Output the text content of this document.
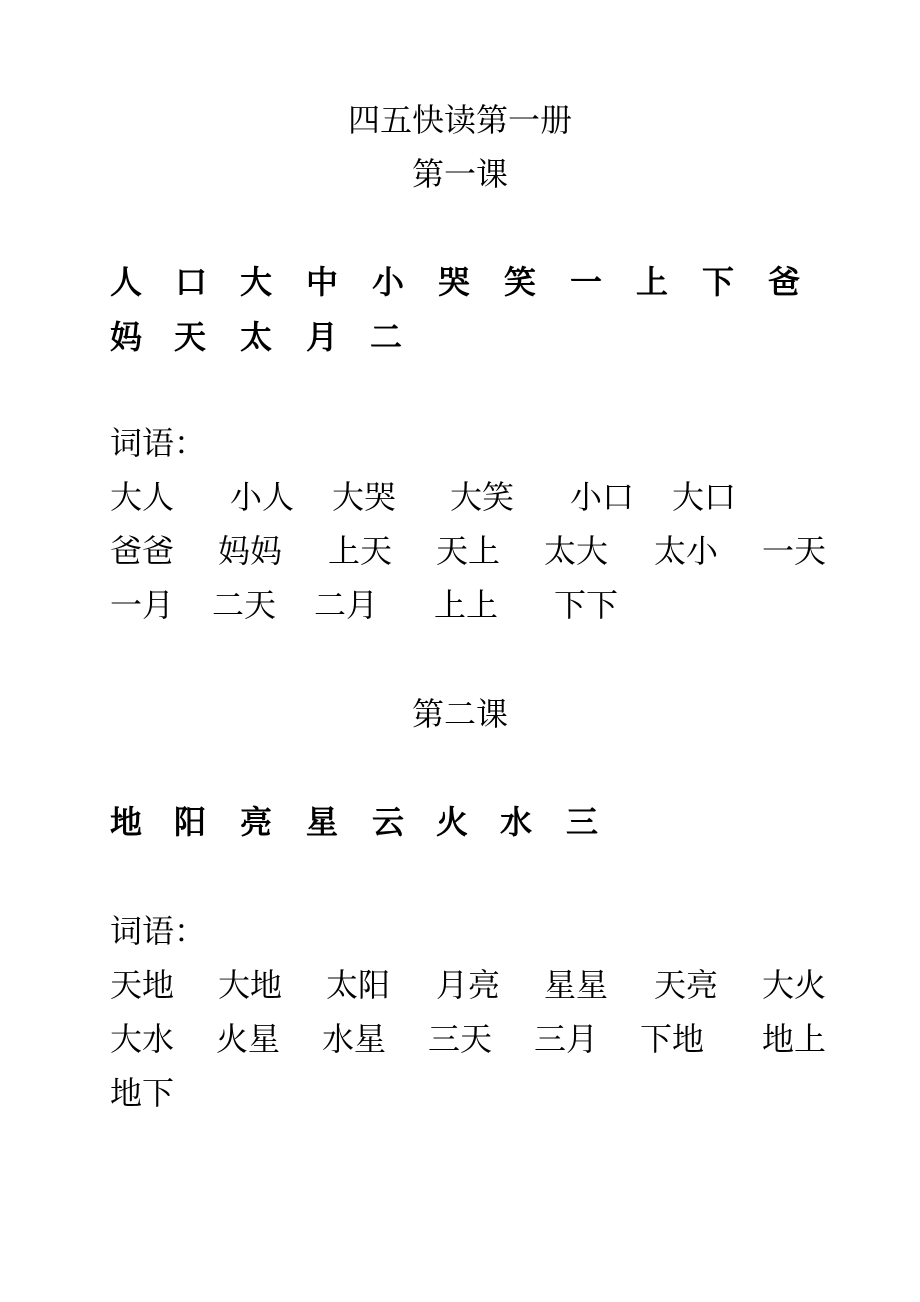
四五快读第一册
第一课
人 口 大 中 小 哭 笑 一 上 下 爸
妈 天 太 月 二
词语：
大人 小人 大哭 大笑 小口 大口
爸爸 妈妈 上天 天上 太大 太小 一天
一月 二天 二月 上上 下下
第二课
地 阳 亮 星 云 火 水 三
词语：
天地 大地 太阳 月亮 星星 天亮 大火
大水 火星 水星 三天 三月 下地 地上
地下
